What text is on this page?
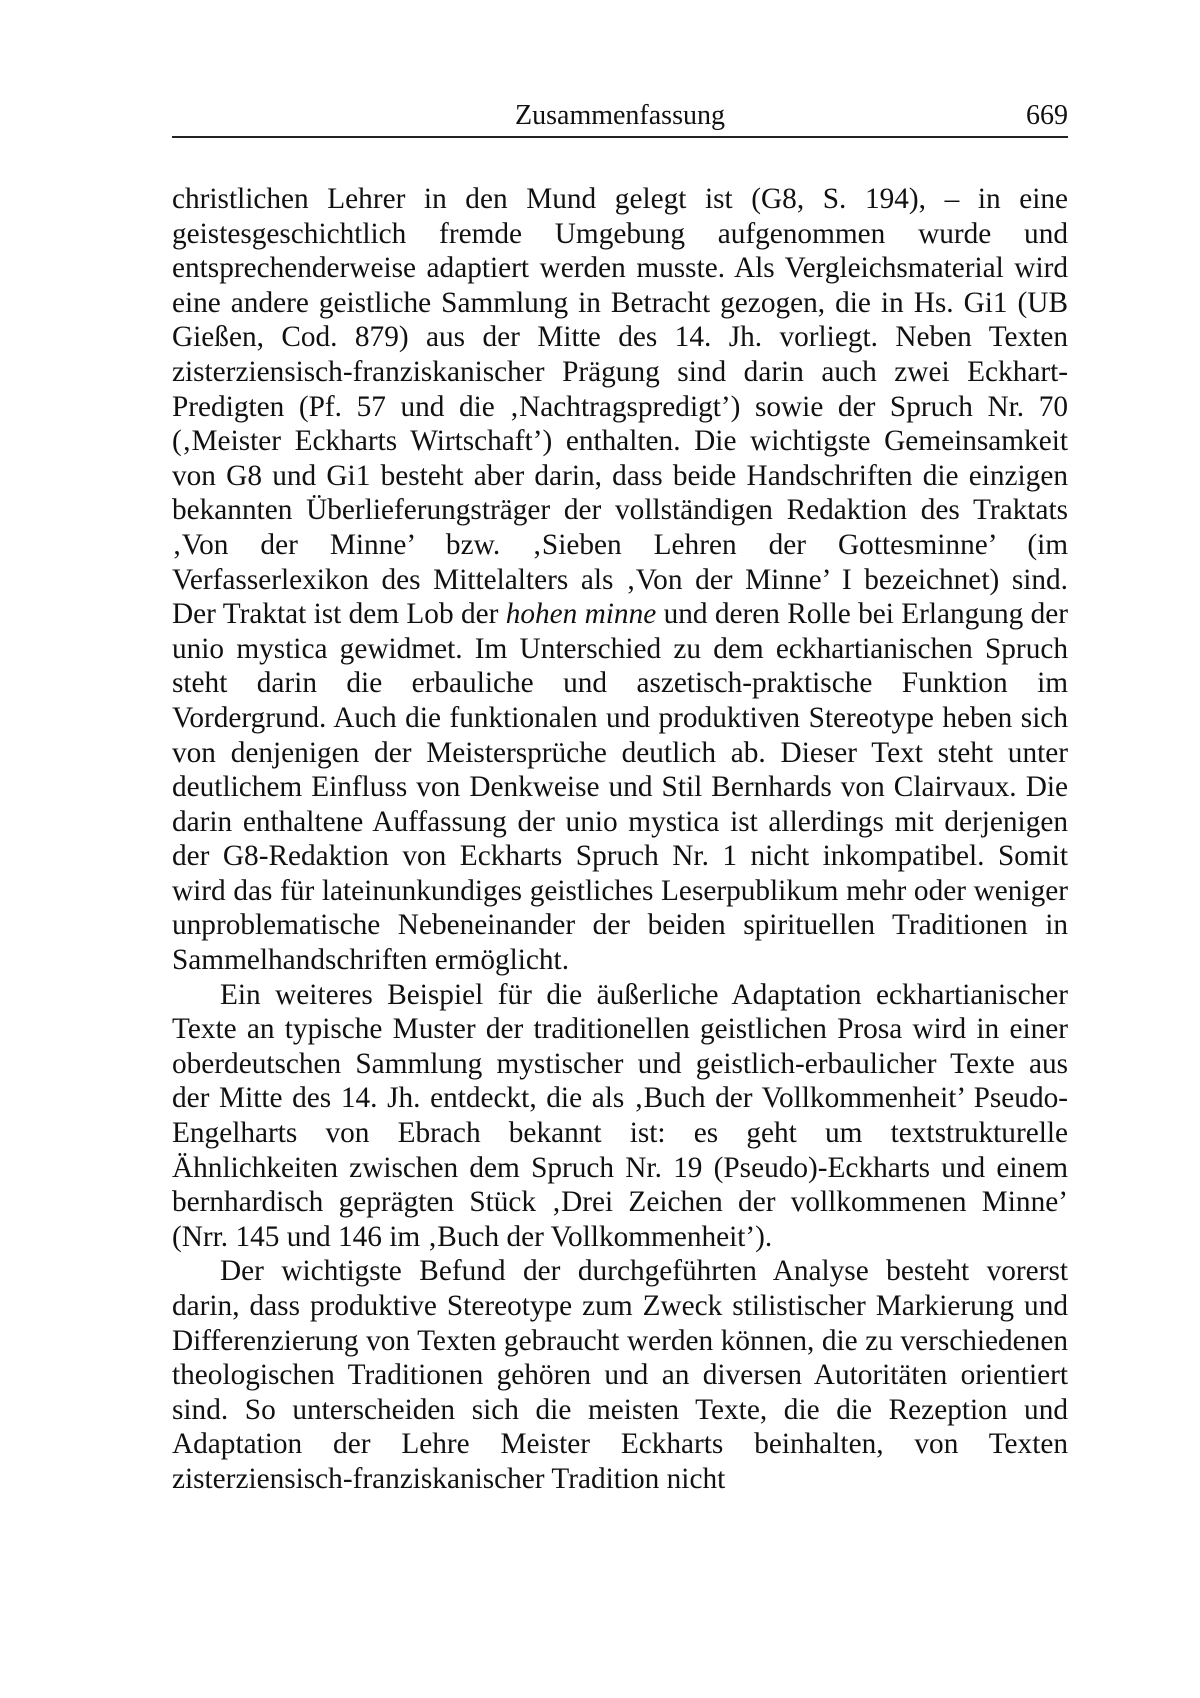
Zusammenfassung	669

christlichen Lehrer in den Mund gelegt ist (G8, S. 194), – in eine geistesgeschichtlich fremde Umgebung aufgenommen wurde und entsprechenderweise adaptiert werden musste. Als Vergleichsmaterial wird eine andere geistliche Sammlung in Betracht gezogen, die in Hs. Gi1 (UB Gießen, Cod. 879) aus der Mitte des 14. Jh. vorliegt. Neben Texten zisterziensisch-franziskanischer Prägung sind darin auch zwei Eckhart-Predigten (Pf. 57 und die ‚Nachtragspredigt’) sowie der Spruch Nr. 70 (‚Meister Eckharts Wirtschaft’) enthalten. Die wichtigste Gemeinsamkeit von G8 und Gi1 besteht aber darin, dass beide Handschriften die einzigen bekannten Überlieferungsträger der vollständigen Redaktion des Traktats ‚Von der Minne’ bzw. ‚Sieben Lehren der Gottesminne’ (im Verfasserlexikon des Mittelalters als ‚Von der Minne’ I bezeichnet) sind. Der Traktat ist dem Lob der hohen minne und deren Rolle bei Erlangung der unio mystica gewidmet. Im Unterschied zu dem eckhartianischen Spruch steht darin die erbauliche und aszetisch-praktische Funktion im Vordergrund. Auch die funktionalen und produktiven Stereotype heben sich von denjenigen der Meistersprüche deutlich ab. Dieser Text steht unter deutlichem Einfluss von Denkweise und Stil Bernhards von Clairvaux. Die darin enthaltene Auffassung der unio mystica ist allerdings mit derjenigen der G8-Redaktion von Eckharts Spruch Nr. 1 nicht inkompatibel. Somit wird das für lateinunkundiges geistliches Leserpublikum mehr oder weniger unproblematische Nebeneinander der beiden spirituellen Traditionen in Sammelhandschriften ermöglicht.

Ein weiteres Beispiel für die äußerliche Adaptation eckhartianischer Texte an typische Muster der traditionellen geistlichen Prosa wird in einer oberdeutschen Sammlung mystischer und geistlich-erbaulicher Texte aus der Mitte des 14. Jh. entdeckt, die als ‚Buch der Vollkommenheit’ Pseudo-Engelharts von Ebrach bekannt ist: es geht um textstrukturelle Ähnlichkeiten zwischen dem Spruch Nr. 19 (Pseudo)-Eckharts und einem bernhardisch geprägten Stück ‚Drei Zeichen der vollkommenen Minne’ (Nrr. 145 und 146 im ‚Buch der Vollkommenheit’).

Der wichtigste Befund der durchgeführten Analyse besteht vorerst darin, dass produktive Stereotype zum Zweck stilistischer Markierung und Differenzierung von Texten gebraucht werden können, die zu verschiedenen theologischen Traditionen gehören und an diversen Autoritäten orientiert sind. So unterscheiden sich die meisten Texte, die die Rezeption und Adaptation der Lehre Meister Eckharts beinhalten, von Texten zisterziensisch-franziskanischer Tradition nicht
